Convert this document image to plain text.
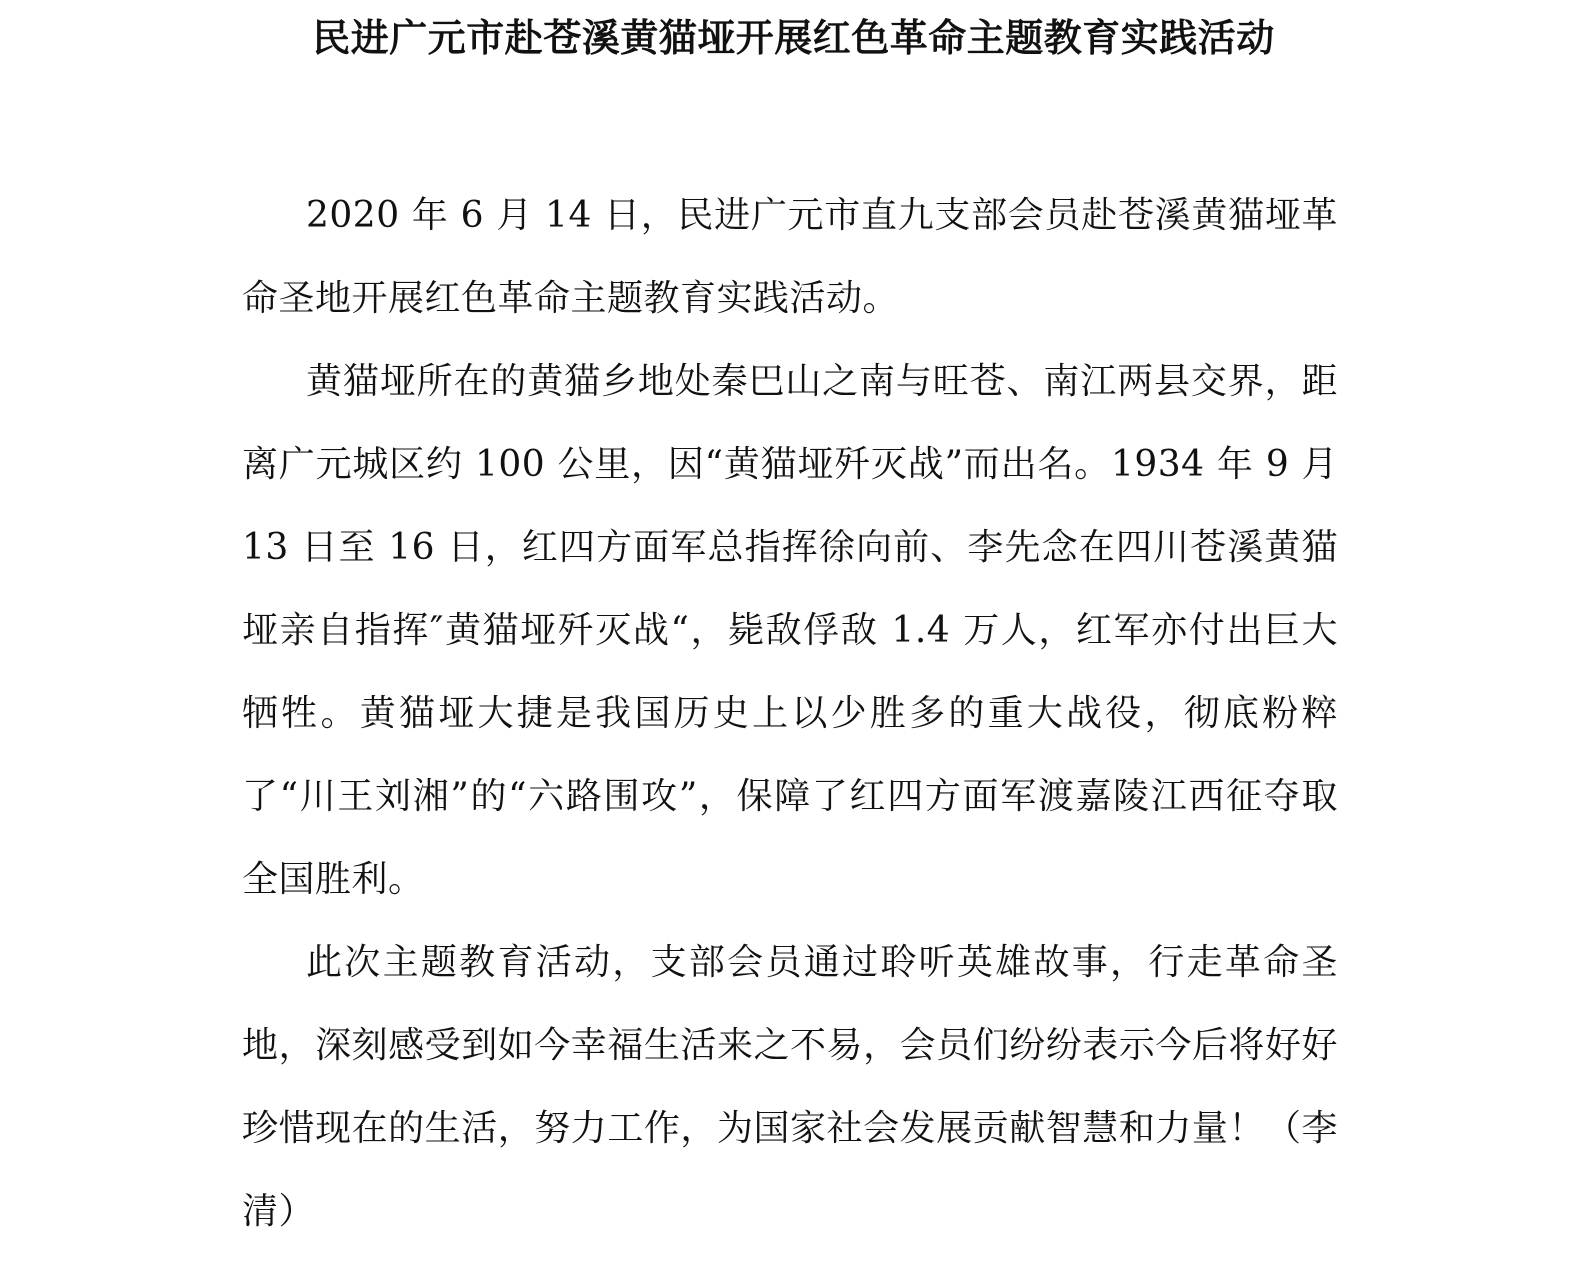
民进广元市赴苍溪黄猫垭开展红色革命主题教育实践活动

2020 年 6 月 14 日，民进广元市直九支部会员赴苍溪黄猫垭革命圣地开展红色革命主题教育实践活动。

黄猫垭所在的黄猫乡地处秦巴山之南与旺苍、南江两县交界，距离广元城区约 100 公里，因“黄猫垭歼灭战”而出名。1934 年 9 月 13 日至 16 日，红四方面军总指挥徐向前、李先念在四川苍溪黄猫垭亲自指挥″黄猫垭歼灭战“，毙敌俘敌 1.4 万人，红军亦付出巨大牺牲。黄猫垭大捷是我国历史上以少胜多的重大战役，彻底粉粹了“川王刘湘”的“六路围攻”，保障了红四方面军渡嘉陵江西征夺取全国胜利。

此次主题教育活动，支部会员通过聆听英雄故事，行走革命圣地，深刻感受到如今幸福生活来之不易，会员们纷纷表示今后将好好珍惜现在的生活，努力工作，为国家社会发展贡献智慧和力量！（李 清）
